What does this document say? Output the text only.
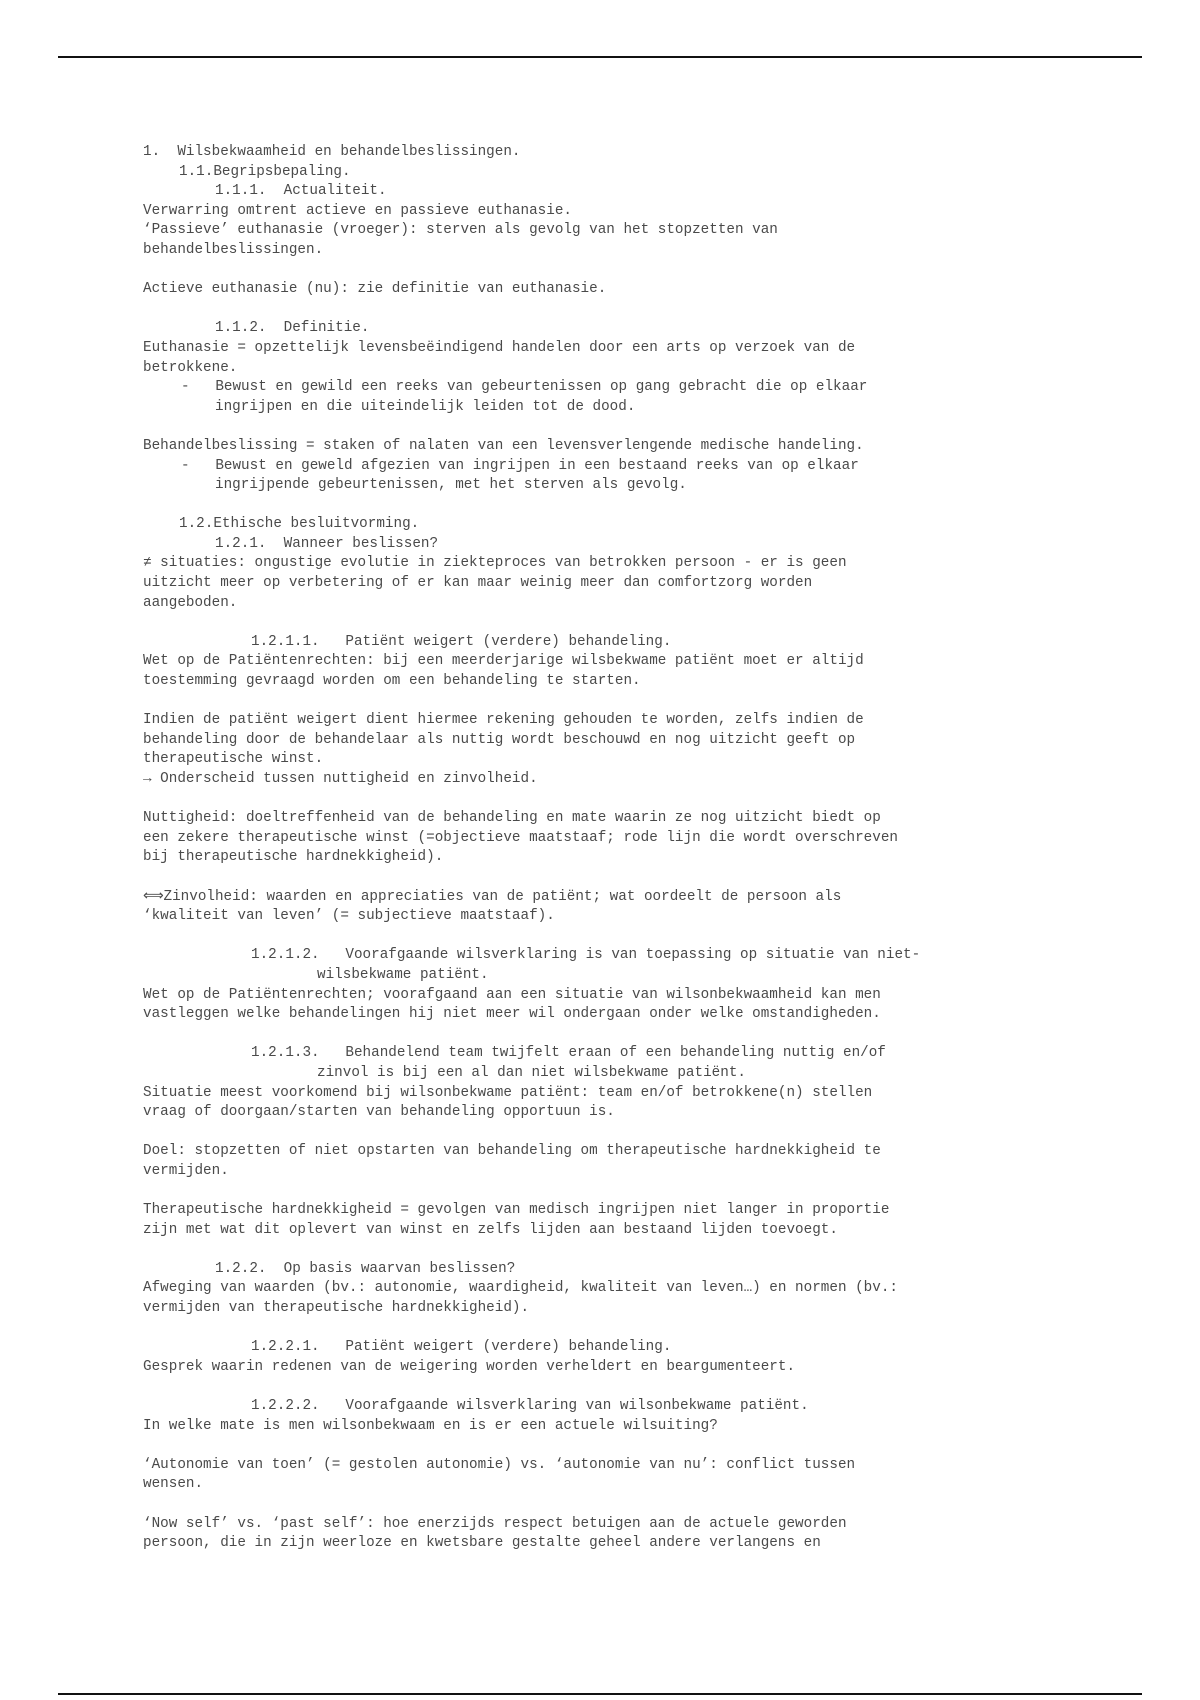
1.  Wilsbekwaamheid en behandelbeslissingen.
1.1.Begripsbepaling.
1.1.1.  Actualiteit.
Verwarring omtrent actieve en passieve euthanasie.
‘Passieve’ euthanasie (vroeger): sterven als gevolg van het stopzetten van
behandelbeslissingen.
Actieve euthanasie (nu): zie definitie van euthanasie.
1.1.2.  Definitie.
Euthanasie = opzettelijk levensbeëindigend handelen door een arts op verzoek van de
betrokkene.
-   Bewust en gewild een reeks van gebeurtenissen op gang gebracht die op elkaar
ingrijpen en die uiteindelijk leiden tot de dood.
Behandelbeslissing = staken of nalaten van een levensverlengende medische handeling.
-   Bewust en geweld afgezien van ingrijpen in een bestaand reeks van op elkaar
ingrijpende gebeurtenissen, met het sterven als gevolg.
1.2.Ethische besluitvorming.
1.2.1.  Wanneer beslissen?
≠ situaties: ongustige evolutie in ziekteproces van betrokken persoon - er is geen
uitzicht meer op verbetering of er kan maar weinig meer dan comfortzorg worden
aangeboden.
1.2.1.1.   Patiënt weigert (verdere) behandeling.
Wet op de Patiëntenrechten: bij een meerderjarige wilsbekwame patiënt moet er altijd
toestemming gevraagd worden om een behandeling te starten.
Indien de patiënt weigert dient hiermee rekening gehouden te worden, zelfs indien de
behandeling door de behandelaar als nuttig wordt beschouwd en nog uitzicht geeft op
therapeutische winst.
→ Onderscheid tussen nuttigheid en zinvolheid.
Nuttigheid: doeltreffenheid van de behandeling en mate waarin ze nog uitzicht biedt op
een zekere therapeutische winst (=objectieve maatstaaf; rode lijn die wordt overschreven
bij therapeutische hardnekkigheid).
⟺Zinvolheid: waarden en appreciaties van de patiënt; wat oordeelt de persoon als
‘kwaliteit van leven’ (= subjectieve maatstaaf).
1.2.1.2.   Voorafgaande wilsverklaring is van toepassing op situatie van niet-
wilsbekwame patiënt.
Wet op de Patiëntenrechten; voorafgaand aan een situatie van wilsonbekwaamheid kan men
vastleggen welke behandelingen hij niet meer wil ondergaan onder welke omstandigheden.
1.2.1.3.   Behandelend team twijfelt eraan of een behandeling nuttig en/of
zinvol is bij een al dan niet wilsbekwame patiënt.
Situatie meest voorkomend bij wilsonbekwame patiënt: team en/of betrokkene(n) stellen
vraag of doorgaan/starten van behandeling opportuun is.
Doel: stopzetten of niet opstarten van behandeling om therapeutische hardnekkigheid te
vermijden.
Therapeutische hardnekkigheid = gevolgen van medisch ingrijpen niet langer in proportie
zijn met wat dit oplevert van winst en zelfs lijden aan bestaand lijden toevoegt.
1.2.2.  Op basis waarvan beslissen?
Afweging van waarden (bv.: autonomie, waardigheid, kwaliteit van leven…) en normen (bv.:
vermijden van therapeutische hardnekkigheid).
1.2.2.1.   Patiënt weigert (verdere) behandeling.
Gesprek waarin redenen van de weigering worden verheldert en beargumenteert.
1.2.2.2.   Voorafgaande wilsverklaring van wilsonbekwame patiënt.
In welke mate is men wilsonbekwaam en is er een actuele wilsuiting?
‘Autonomie van toen’ (= gestolen autonomie) vs. ‘autonomie van nu’: conflict tussen
wensen.
‘Now self’ vs. ‘past self’: hoe enerzijds respect betuigen aan de actuele geworden
persoon, die in zijn weerloze en kwetsbare gestalte geheel andere verlangens en
